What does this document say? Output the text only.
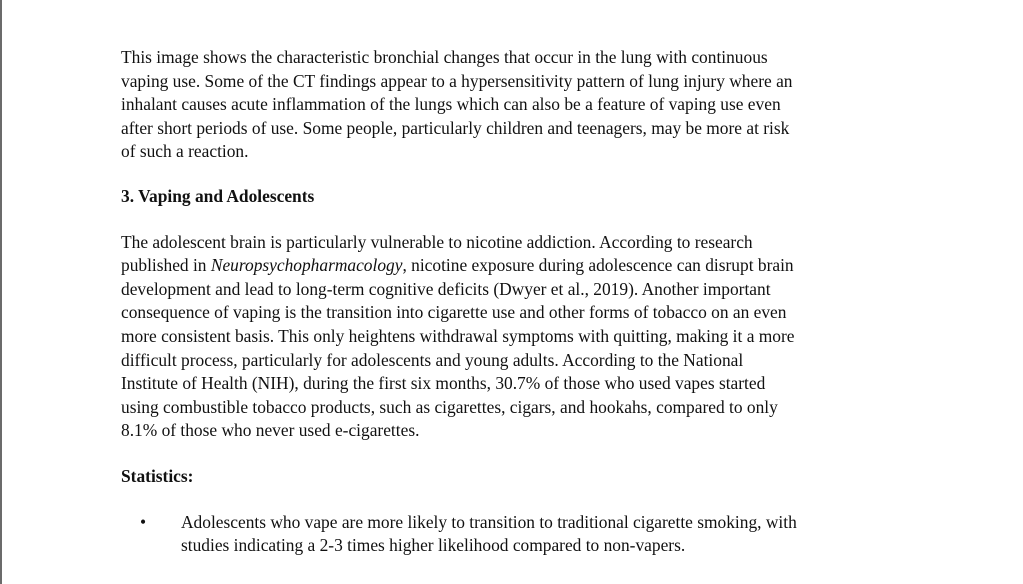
This image shows the characteristic bronchial changes that occur in the lung with continuous
vaping use. Some of the CT findings appear to a hypersensitivity pattern of lung injury where an
inhalant causes acute inflammation of the lungs which can also be a feature of vaping use even
after short periods of use. Some people, particularly children and teenagers, may be more at risk
of such a reaction.

3. Vaping and Adolescents

The adolescent brain is particularly vulnerable to nicotine addiction. According to research
published in Neuropsychopharmacology, nicotine exposure during adolescence can disrupt brain
development and lead to long-term cognitive deficits (Dwyer et al., 2019). Another important
consequence of vaping is the transition into cigarette use and other forms of tobacco on an even
more consistent basis. This only heightens withdrawal symptoms with quitting, making it a more
difficult process, particularly for adolescents and young adults. According to the National
Institute of Health (NIH), during the first six months, 30.7% of those who used vapes started
using combustible tobacco products, such as cigarettes, cigars, and hookahs, compared to only
8.1% of those who never used e-cigarettes.

Statistics:
• Adolescents who vape are more likely to transition to traditional cigarette smoking, with
studies indicating a 2-3 times higher likelihood compared to non-vapers.
